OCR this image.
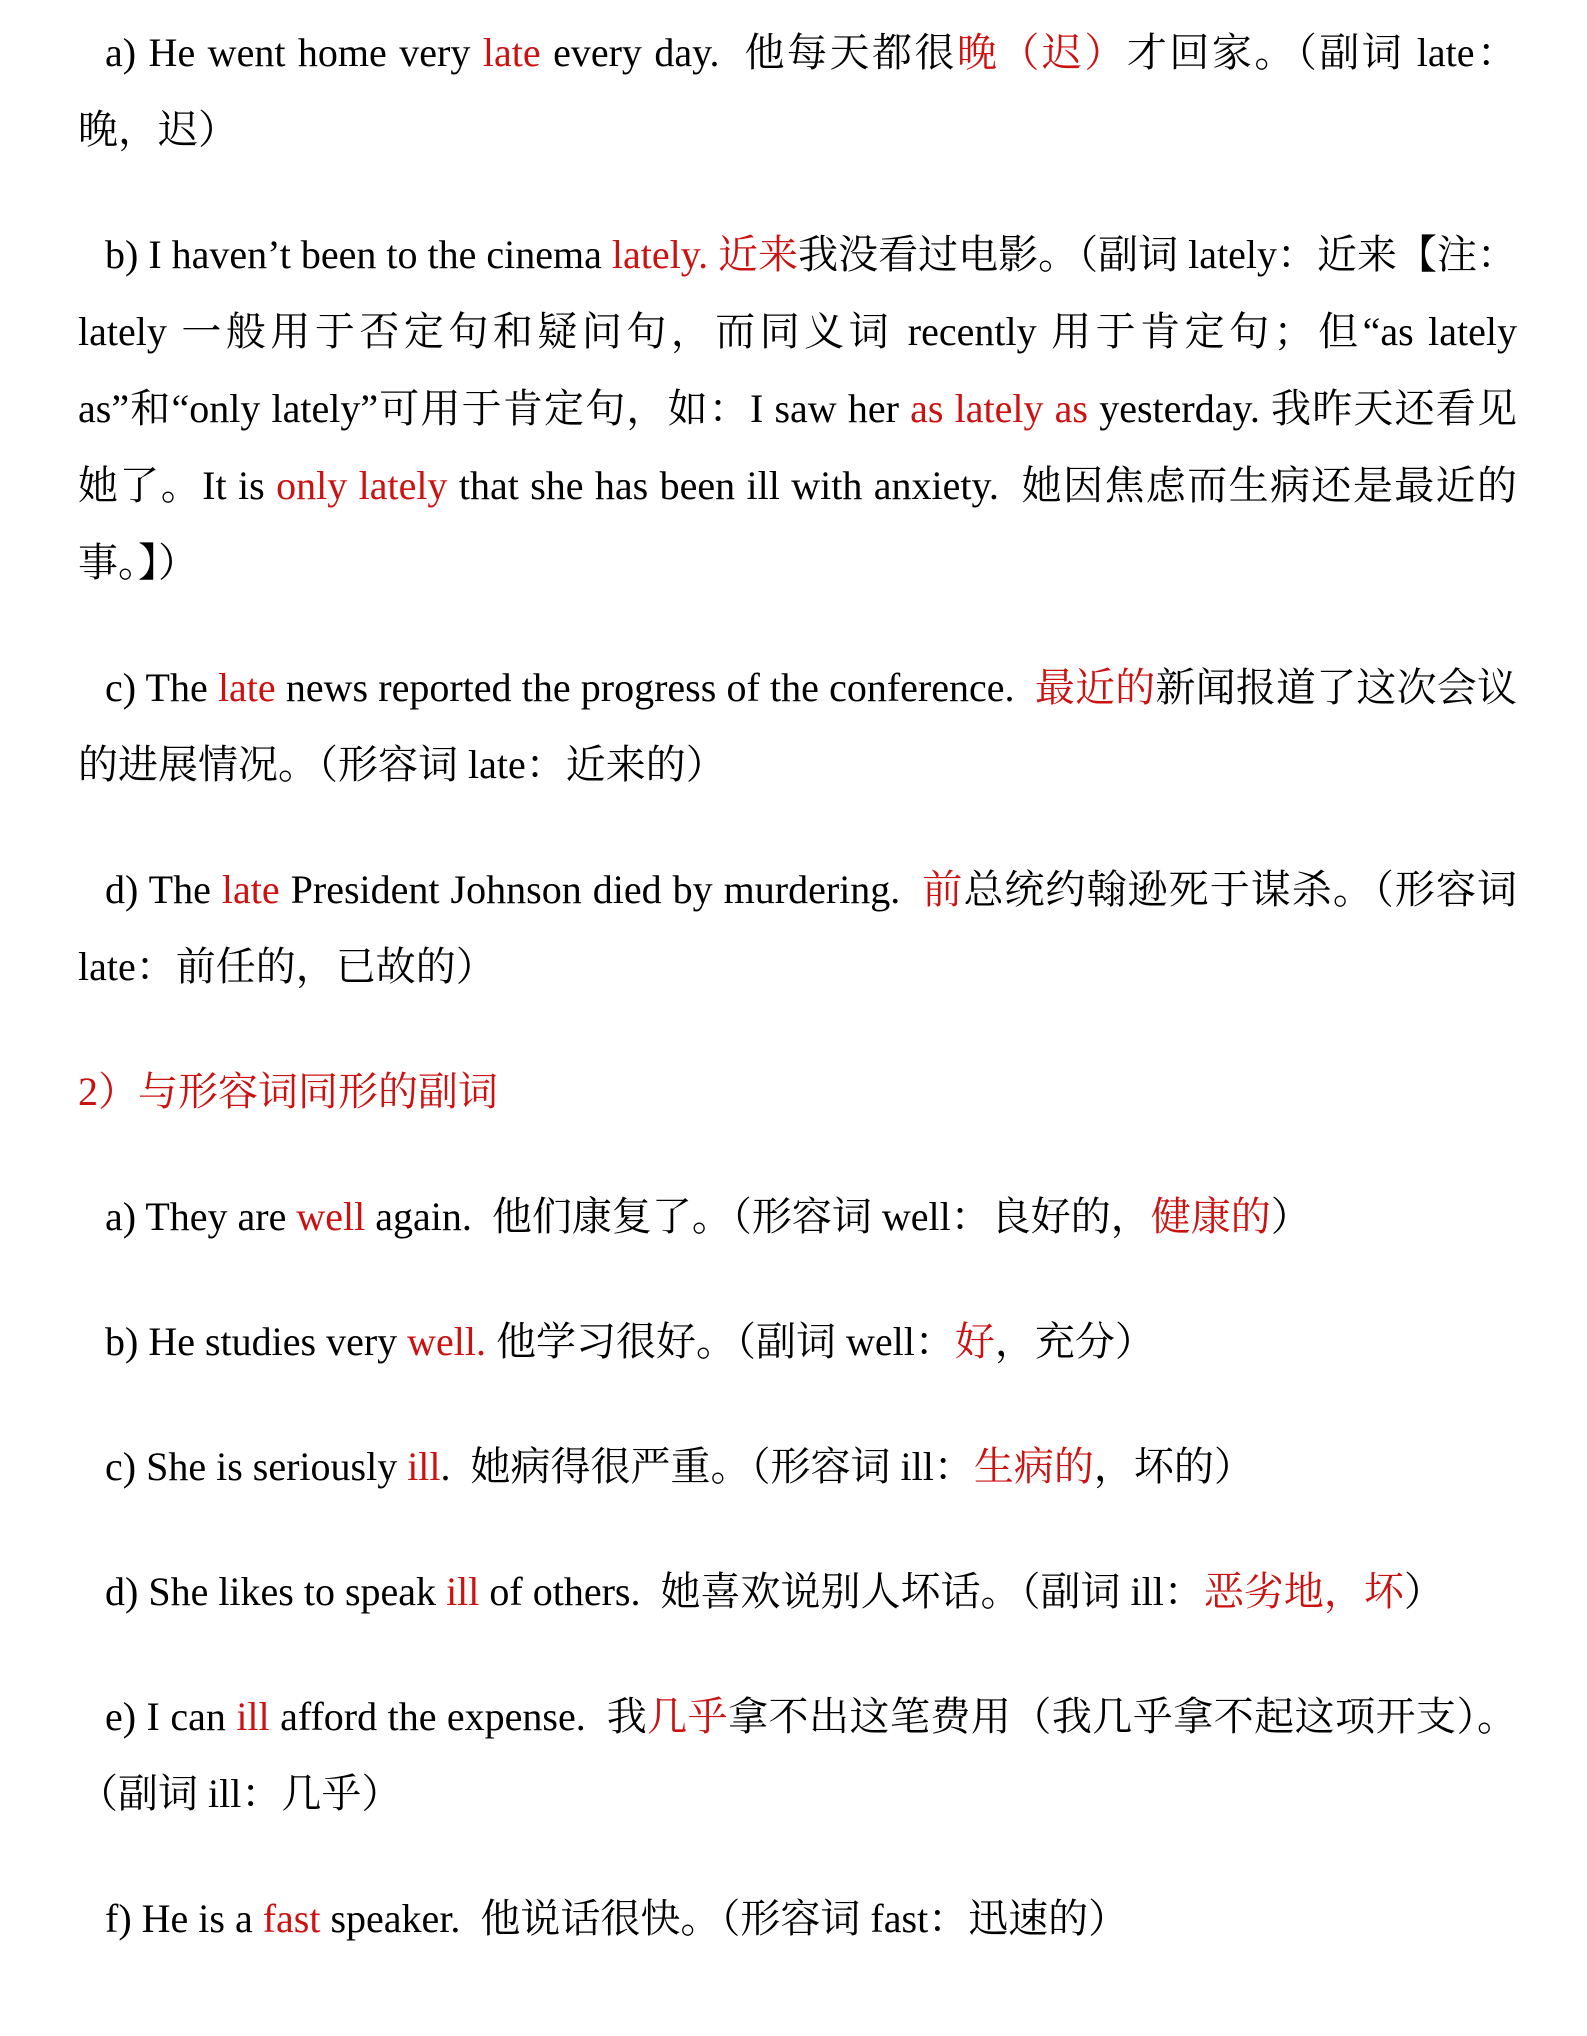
a) He went home very late every day.  他每天都很晚（迟）才回家。（副词 late：晚，迟）

b) I haven’t been to the cinema lately. 近来我没看过电影。（副词 lately：近来【注：lately 一般用于否定句和疑问句，而同义词 recently 用于肯定句；但“as lately as”和“only lately”可用于肯定句，如：I saw her as lately as yesterday. 我昨天还看见她了。It is only lately that she has been ill with anxiety.  她因焦虑而生病还是最近的事。】）

c) The late news reported the progress of the conference.  最近的新闻报道了这次会议的进展情况。（形容词 late：近来的）

d) The late President Johnson died by murdering.  前总统约翰逊死于谋杀。（形容词 late：前任的，已故的）

2）与形容词同形的副词

a) They are well again.  他们康复了。（形容词 well：良好的，健康的）

b) He studies very well. 他学习很好。（副词 well：好，充分）

c) She is seriously ill.  她病得很严重。（形容词 ill：生病的，坏的）

d) She likes to speak ill of others.  她喜欢说别人坏话。（副词 ill：恶劣地，坏）

e) I can ill afford the expense.  我几乎拿不出这笔费用（我几乎拿不起这项开支）。（副词 ill：几乎）

f) He is a fast speaker.  他说话很快。（形容词 fast：迅速的）
